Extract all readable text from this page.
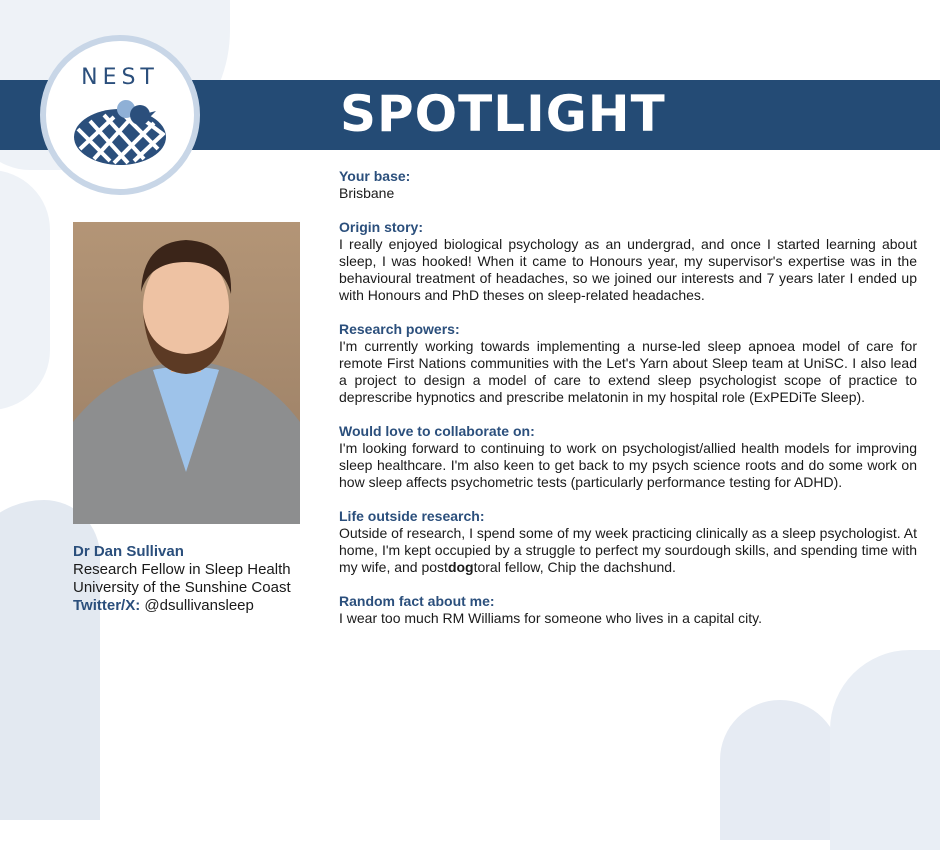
SPOTLIGHT
NEST
Dr Dan Sullivan
Research Fellow in Sleep Health
University of the Sunshine Coast
Twitter/X: @dsullivansleep
Your base:
Brisbane
Origin story:
I really enjoyed biological psychology as an undergrad, and once I started learning about sleep, I was hooked! When it came to Honours year, my supervisor's expertise was in the behavioural treatment of headaches, so we joined our interests and 7 years later I ended up with Honours and PhD theses on sleep-related headaches.
Research powers:
I'm currently working towards implementing a nurse-led sleep apnoea model of care for remote First Nations communities with the Let's Yarn about Sleep team at UniSC. I also lead a project to design a model of care to extend sleep psychologist scope of practice to deprescribe hypnotics and prescribe melatonin in my hospital role (ExPEDiTe Sleep).
Would love to collaborate on:
I'm looking forward to continuing to work on psychologist/allied health models for improving sleep healthcare. I'm also keen to get back to my psych science roots and do some work on how sleep affects psychometric tests (particularly performance testing for ADHD).
Life outside research:
Outside of research, I spend some of my week practicing clinically as a sleep psychologist. At home, I'm kept occupied by a struggle to perfect my sourdough skills, and spending time with my wife, and postdogtoral fellow, Chip the dachshund.
Random fact about me:
I wear too much RM Williams for someone who lives in a capital city.
